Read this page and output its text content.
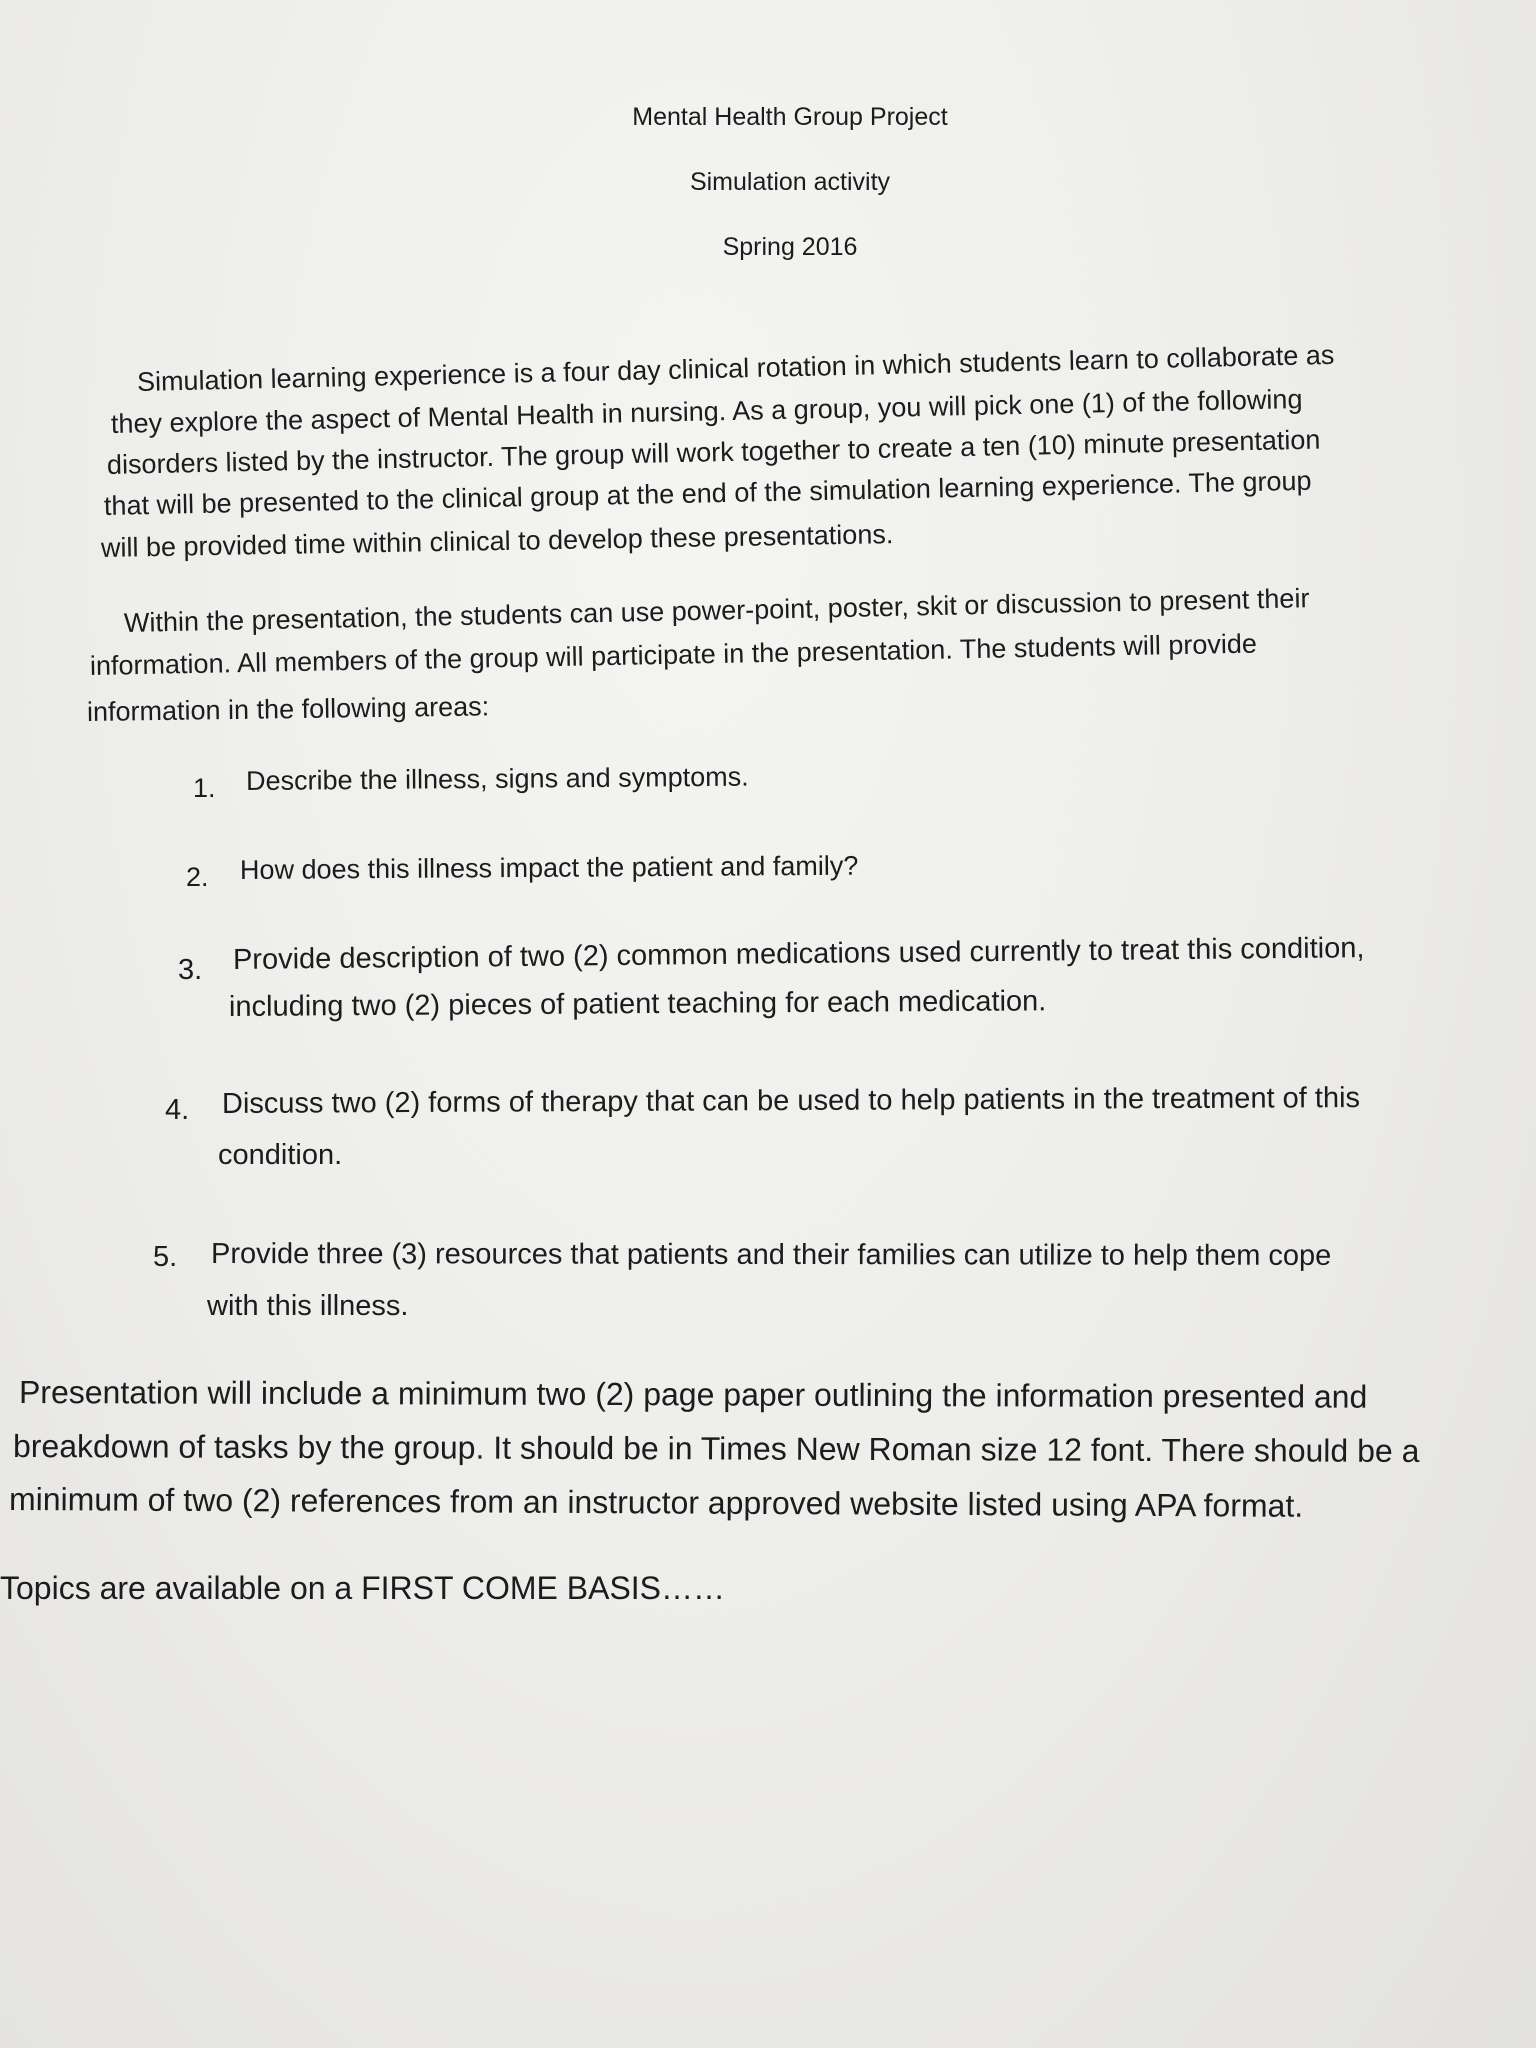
Mental Health Group Project
Simulation activity
Spring 2016
Simulation learning experience is a four day clinical rotation in which students learn to collaborate as
they explore the aspect of Mental Health in nursing. As a group, you will pick one (1) of the following
disorders listed by the instructor. The group will work together to create a ten (10) minute presentation
that will be presented to the clinical group at the end of the simulation learning experience. The group
will be provided time within clinical to develop these presentations.
Within the presentation, the students can use power-point, poster, skit or discussion to present their
information. All members of the group will participate in the presentation. The students will provide
information in the following areas:
1. Describe the illness, signs and symptoms.
2. How does this illness impact the patient and family?
3. Provide description of two (2) common medications used currently to treat this condition,
including two (2) pieces of patient teaching for each medication.
4. Discuss two (2) forms of therapy that can be used to help patients in the treatment of this
condition.
5. Provide three (3) resources that patients and their families can utilize to help them cope
with this illness.
Presentation will include a minimum two (2) page paper outlining the information presented and
breakdown of tasks by the group. It should be in Times New Roman size 12 font. There should be a
minimum of two (2) references from an instructor approved website listed using APA format.
Topics are available on a FIRST COME BASIS……
